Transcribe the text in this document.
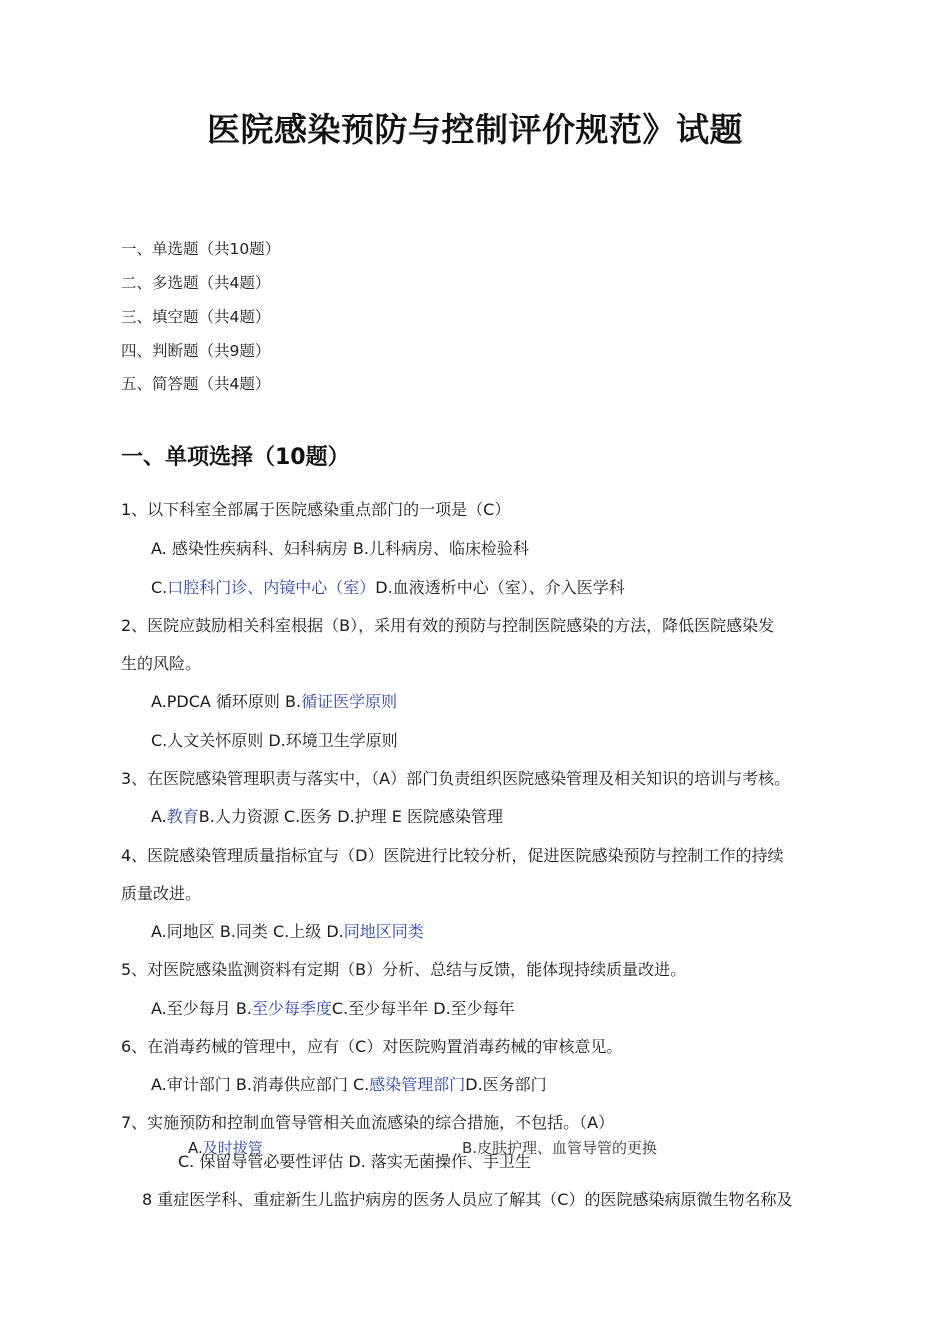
医院感染预防与控制评价规范》试题
一、单选题（共10题）
二、多选题（共4题）
三、填空题（共4题）
四、判断题（共9题）
五、简答题（共4题）
一、单项选择（10题）
1、以下科室全部属于医院感染重点部门的一项是（C）
A. 感染性疾病科、妇科病房 B.儿科病房、临床检验科
C.口腔科门诊、内镜中心（室）D.血液透析中心（室）、介入医学科
2、医院应鼓励相关科室根据（B），采用有效的预防与控制医院感染的方法，降低医院感染发
生的风险。
A.PDCA 循环原则 B.循证医学原则
C.人文关怀原则 D.环境卫生学原则
3、在医院感染管理职责与落实中，（A）部门负责组织医院感染管理及相关知识的培训与考核。
A.教育B.人力资源 C.医务 D.护理 E 医院感染管理
4、医院感染管理质量指标宜与（D）医院进行比较分析，促进医院感染预防与控制工作的持续
质量改进。
A.同地区 B.同类 C.上级 D.同地区同类
5、对医院感染监测资料有定期（B）分析、总结与反馈，能体现持续质量改进。
A.至少每月 B.至少每季度C.至少每半年 D.至少每年
6、在消毒药械的管理中，应有（C）对医院购置消毒药械的审核意见。
A.审计部门 B.消毒供应部门 C.感染管理部门D.医务部门
7、实施预防和控制血管导管相关血流感染的综合措施，不包括。（A）
A.及时拔管	B.皮肤护理、血管导管的更换
C. 保留导管必要性评估 D. 落实无菌操作、手卫生
8 重症医学科、重症新生儿监护病房的医务人员应了解其（C）的医院感染病原微生物名称及
